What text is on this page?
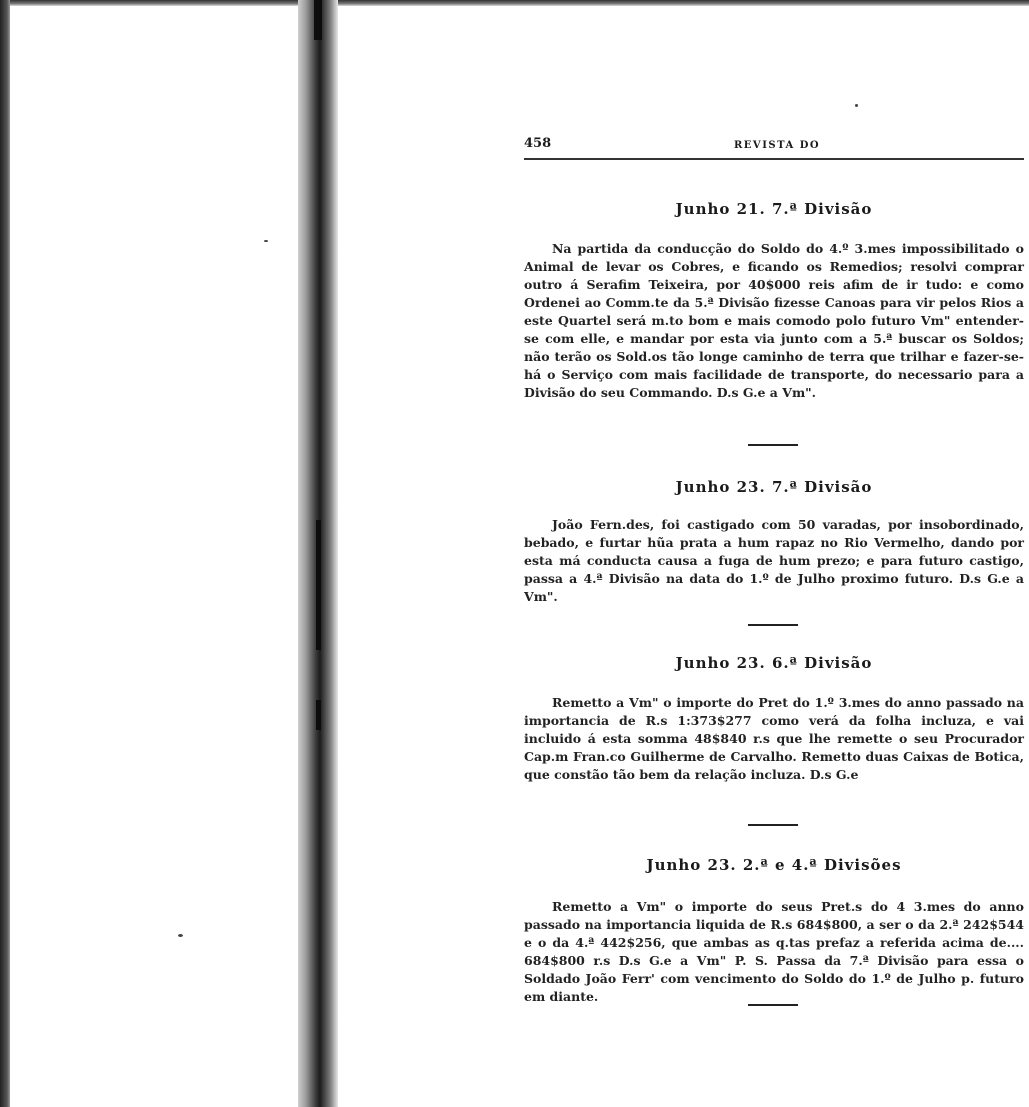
458	REVISTA DO

Junho 21. 7.ª Divisão

Na partida da conducção do Soldo do 4.º 3.mes impossibilitado o Animal de levar os Cobres, e ficando os Remedios; resolvi comprar outro á Serafim Teixeira, por 40$000 reis afim de ir tudo: e como Ordenei ao Comm.te da 5.ª Divisão fizesse Canoas para vir pelos Rios a este Quartel será m.to bom e mais comodo polo futuro Vm" entender-se com elle, e mandar por esta via junto com a 5.ª buscar os Soldos; não terão os Sold.os tão longe caminho de terra que trilhar e fazer-se-há o Serviço com mais facilidade de transporte, do necessario para a Divisão do seu Commando. D.s G.e a Vm".

Junho 23. 7.ª Divisão

João Fern.des, foi castigado com 50 varadas, por insobordinado, bebado, e furtar hũa prata a hum rapaz no Rio Vermelho, dando por esta má conducta causa a fuga de hum prezo; e para futuro castigo, passa a 4.ª Divisão na data do 1.º de Julho proximo futuro. D.s G.e a Vm".

Junho 23. 6.ª Divisão

Remetto a Vm" o importe do Pret do 1.º 3.mes do anno passado na importancia de R.s 1:373$277 como verá da folha incluza, e vai incluido á esta somma 48$840 r.s que lhe remette o seu Procurador Cap.m Fran.co Guilherme de Carvalho. Remetto duas Caixas de Botica, que constão tão bem da relação incluza. D.s G.e

Junho 23. 2.ª e 4.ª Divisões

Remetto a Vm" o importe do seus Pret.s do 4 3.mes do anno passado na importancia liquida de R.s 684$800, a ser o da 2.ª 242$544 e o da 4.ª 442$256, que ambas as q.tas prefaz a referida acima de.... 684$800 r.s D.s G.e a Vm" P. S. Passa da 7.ª Divisão para essa o Soldado João Ferr' com vencimento do Soldo do 1.º de Julho p. futuro em diante.
